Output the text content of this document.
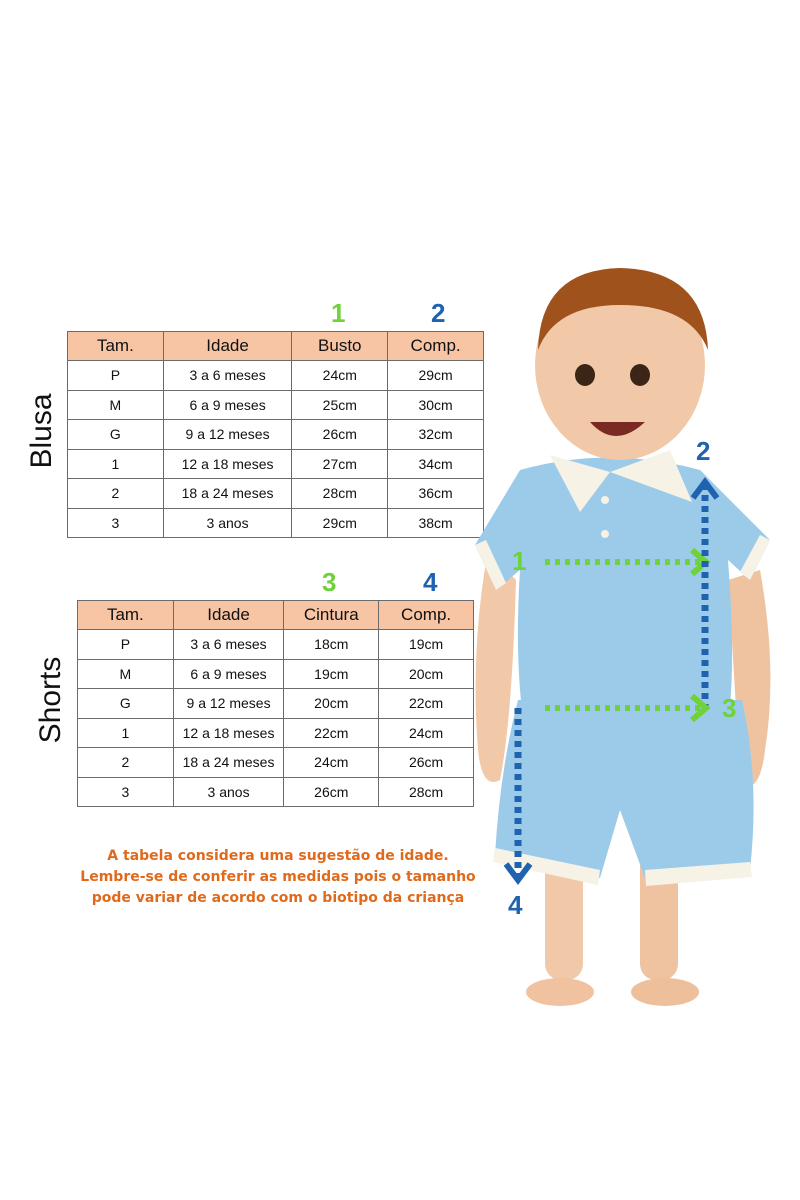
Blusa
1	2
Tam.	Idade	Busto	Comp.
P	3 a 6 meses	24cm	29cm
M	6 a 9 meses	25cm	30cm
G	9 a 12 meses	26cm	32cm
1	12 a 18 meses	27cm	34cm
2	18 a 24 meses	28cm	36cm
3	3 anos	29cm	38cm
Shorts
3	4
Tam.	Idade	Cintura	Comp.
P	3 a 6 meses	18cm	19cm
M	6 a 9 meses	19cm	20cm
G	9 a 12 meses	20cm	22cm
1	12 a 18 meses	22cm	24cm
2	18 a 24 meses	24cm	26cm
3	3 anos	26cm	28cm
A tabela considera uma sugestão de idade.
Lembre-se de conferir as medidas pois o tamanho
pode variar de acordo com o biotipo da criança
1
2
3
4
